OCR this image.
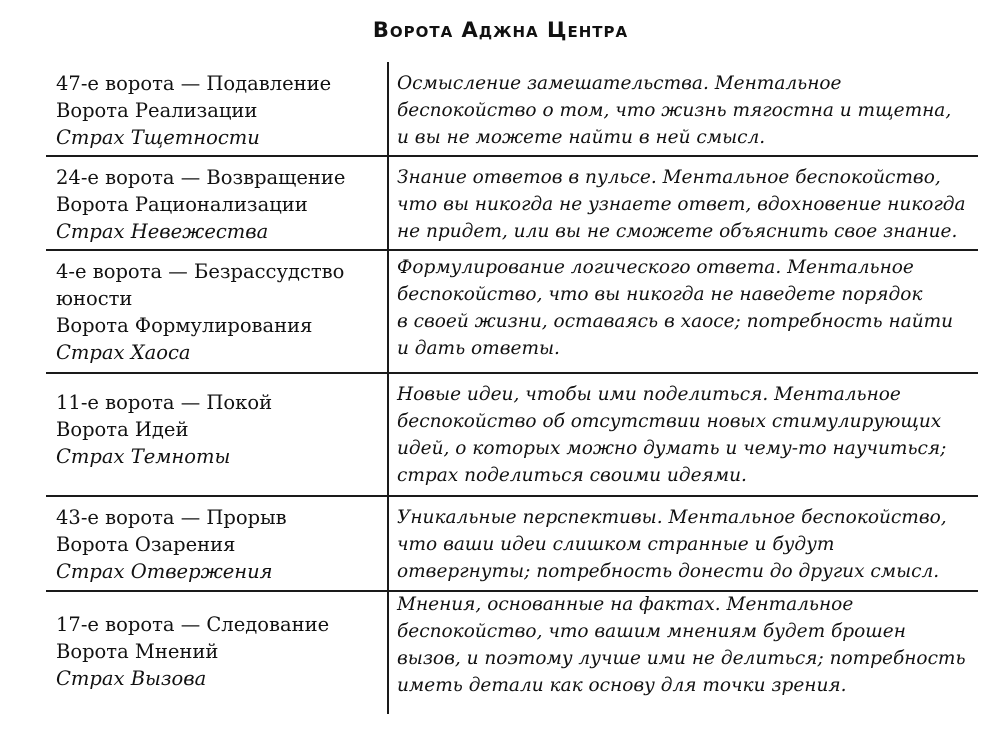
Ворота Аджна Центра
47-е ворота — Подавление
Ворота Реализации
Страх Тщетности
Осмысление замешательства. Ментальное
беспокойство о том, что жизнь тягостна и тщетна,
и вы не можете найти в ней смысл.
24-е ворота — Возвращение
Ворота Рационализации
Страх Невежества
Знание ответов в пульсе. Ментальное беспокойство,
что вы никогда не узнаете ответ, вдохновение никогда
не придет, или вы не сможете объяснить свое знание.
4-е ворота — Безрассудство
юности
Ворота Формулирования
Страх Хаоса
Формулирование логического ответа. Ментальное
беспокойство, что вы никогда не наведете порядок
в своей жизни, оставаясь в хаосе; потребность найти
и дать ответы.
11-е ворота — Покой
Ворота Идей
Страх Темноты
Новые идеи, чтобы ими поделиться. Ментальное
беспокойство об отсутствии новых стимулирующих
идей, о которых можно думать и чему-то научиться;
страх поделиться своими идеями.
43-е ворота — Прорыв
Ворота Озарения
Страх Отвержения
Уникальные перспективы. Ментальное беспокойство,
что ваши идеи слишком странные и будут
отвергнуты; потребность донести до других смысл.
17-е ворота — Следование
Ворота Мнений
Страх Вызова
Мнения, основанные на фактах. Ментальное
беспокойство, что вашим мнениям будет брошен
вызов, и поэтому лучше ими не делиться; потребность
иметь детали как основу для точки зрения.
